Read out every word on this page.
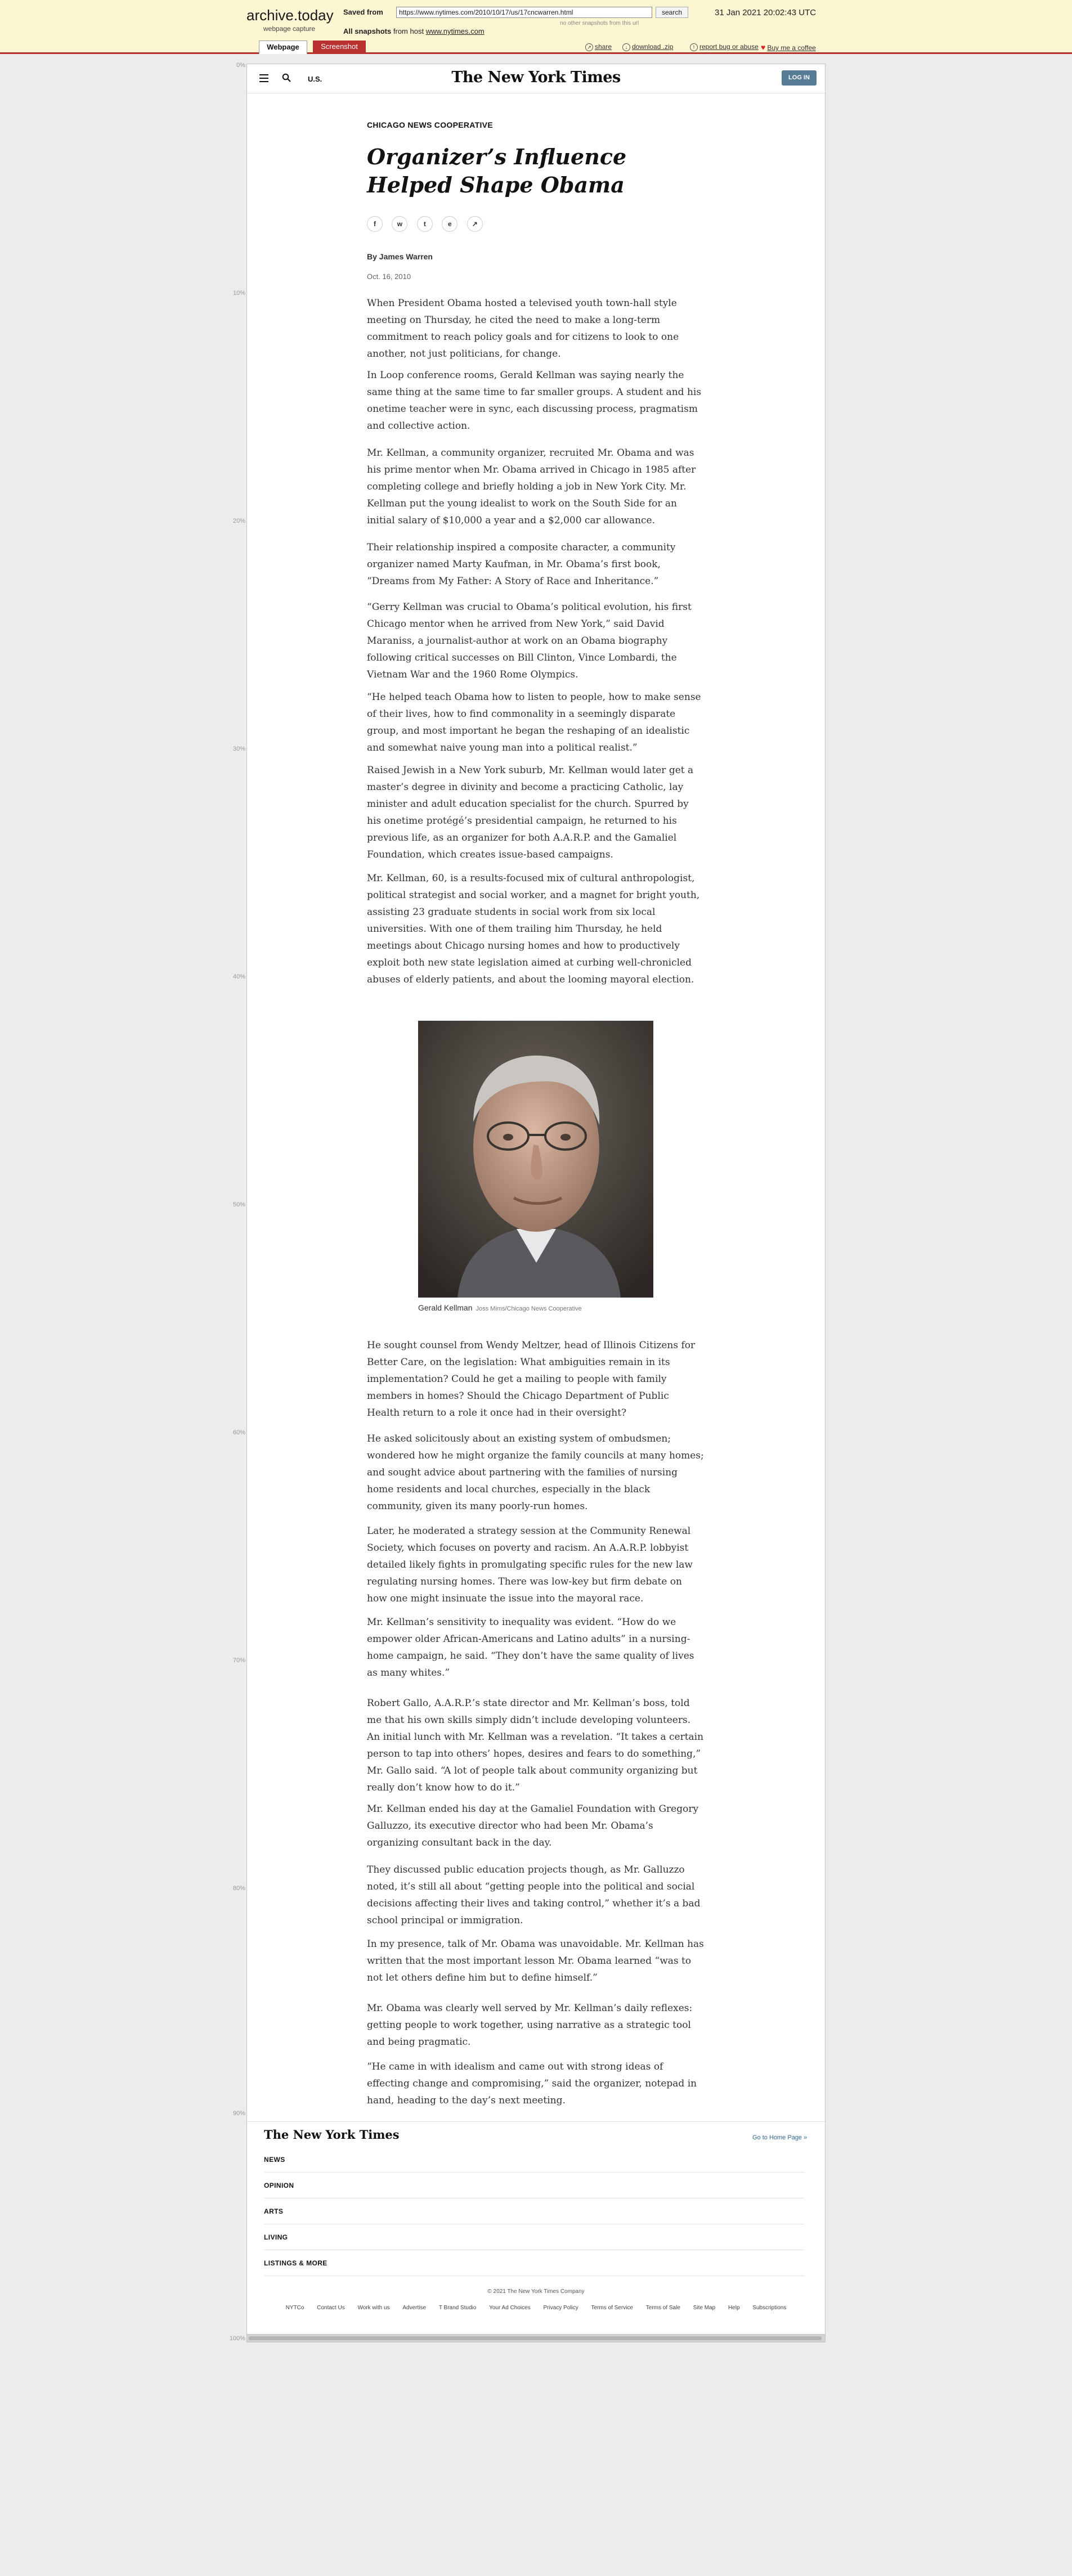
archive.today
webpage capture
Saved from	https://www.nytimes.com/2010/10/17/us/17cncwarren.html	search
no other snapshots from this url
31 Jan 2021 20:02:43 UTC
All snapshots from host www.nytimes.com
Webpage	Screenshot	↗ share	↓ download .zip	! report bug or abuse ♥ Buy me a coffee
0%
10%
20%
30%
40%
50%
60%
70%
80%
90%
100%
U.S.	The New York Times	LOG IN
CHICAGO NEWS COOPERATIVE
Organizer’s Influence Helped Shape Obama
f	w	t	e	↗
By James Warren
Oct. 16, 2010

When President Obama hosted a televised youth town-hall style meeting on Thursday, he cited the need to make a long-term commitment to reach policy goals and for citizens to look to one another, not just politicians, for change.

In Loop conference rooms, Gerald Kellman was saying nearly the same thing at the same time to far smaller groups. A student and his onetime teacher were in sync, each discussing process, pragmatism and collective action.

Mr. Kellman, a community organizer, recruited Mr. Obama and was his prime mentor when Mr. Obama arrived in Chicago in 1985 after completing college and briefly holding a job in New York City. Mr. Kellman put the young idealist to work on the South Side for an initial salary of $10,000 a year and a $2,000 car allowance.

Their relationship inspired a composite character, a community organizer named Marty Kaufman, in Mr. Obama’s first book, “Dreams from My Father: A Story of Race and Inheritance.”

“Gerry Kellman was crucial to Obama’s political evolution, his first Chicago mentor when he arrived from New York,” said David Maraniss, a journalist-author at work on an Obama biography following critical successes on Bill Clinton, Vince Lombardi, the Vietnam War and the 1960 Rome Olympics.

“He helped teach Obama how to listen to people, how to make sense of their lives, how to find commonality in a seemingly disparate group, and most important he began the reshaping of an idealistic and somewhat naive young man into a political realist.”

Raised Jewish in a New York suburb, Mr. Kellman would later get a master’s degree in divinity and become a practicing Catholic, lay minister and adult education specialist for the church. Spurred by his onetime protégé’s presidential campaign, he returned to his previous life, as an organizer for both A.A.R.P. and the Gamaliel Foundation, which creates issue-based campaigns.

Mr. Kellman, 60, is a results-focused mix of cultural anthropologist, political strategist and social worker, and a magnet for bright youth, assisting 23 graduate students in social work from six local universities. With one of them trailing him Thursday, he held meetings about Chicago nursing homes and how to productively exploit both new state legislation aimed at curbing well-chronicled abuses of elderly patients, and about the looming mayoral election.

Gerald Kellman Joss Mims/Chicago News Cooperative

He sought counsel from Wendy Meltzer, head of Illinois Citizens for Better Care, on the legislation: What ambiguities remain in its implementation? Could he get a mailing to people with family members in homes? Should the Chicago Department of Public Health return to a role it once had in their oversight?

He asked solicitously about an existing system of ombudsmen; wondered how he might organize the family councils at many homes; and sought advice about partnering with the families of nursing home residents and local churches, especially in the black community, given its many poorly-run homes.

Later, he moderated a strategy session at the Community Renewal Society, which focuses on poverty and racism. An A.A.R.P. lobbyist detailed likely fights in promulgating specific rules for the new law regulating nursing homes. There was low-key but firm debate on how one might insinuate the issue into the mayoral race.

Mr. Kellman’s sensitivity to inequality was evident. “How do we empower older African-Americans and Latino adults” in a nursing-home campaign, he said. “They don’t have the same quality of lives as many whites.”

Robert Gallo, A.A.R.P.’s state director and Mr. Kellman’s boss, told me that his own skills simply didn’t include developing volunteers. An initial lunch with Mr. Kellman was a revelation. “It takes a certain person to tap into others’ hopes, desires and fears to do something,” Mr. Gallo said. “A lot of people talk about community organizing but really don’t know how to do it.”

Mr. Kellman ended his day at the Gamaliel Foundation with Gregory Galluzzo, its executive director who had been Mr. Obama’s organizing consultant back in the day.

They discussed public education projects though, as Mr. Galluzzo noted, it’s still all about “getting people into the political and social decisions affecting their lives and taking control,” whether it’s a bad school principal or immigration.

In my presence, talk of Mr. Obama was unavoidable. Mr. Kellman has written that the most important lesson Mr. Obama learned “was to not let others define him but to define himself.”

Mr. Obama was clearly well served by Mr. Kellman’s daily reflexes: getting people to work together, using narrative as a strategic tool and being pragmatic.

“He came in with idealism and came out with strong ideas of effecting change and compromising,” said the organizer, notepad in hand, heading to the day’s next meeting.

The New York Times	Go to Home Page »
NEWS
OPINION
ARTS
LIVING
LISTINGS & MORE
© 2021 The New York Times Company
NYTCo Contact Us Work with us Advertise T Brand Studio Your Ad Choices Privacy Policy Terms of Service Terms of Sale Site Map Help Subscriptions
